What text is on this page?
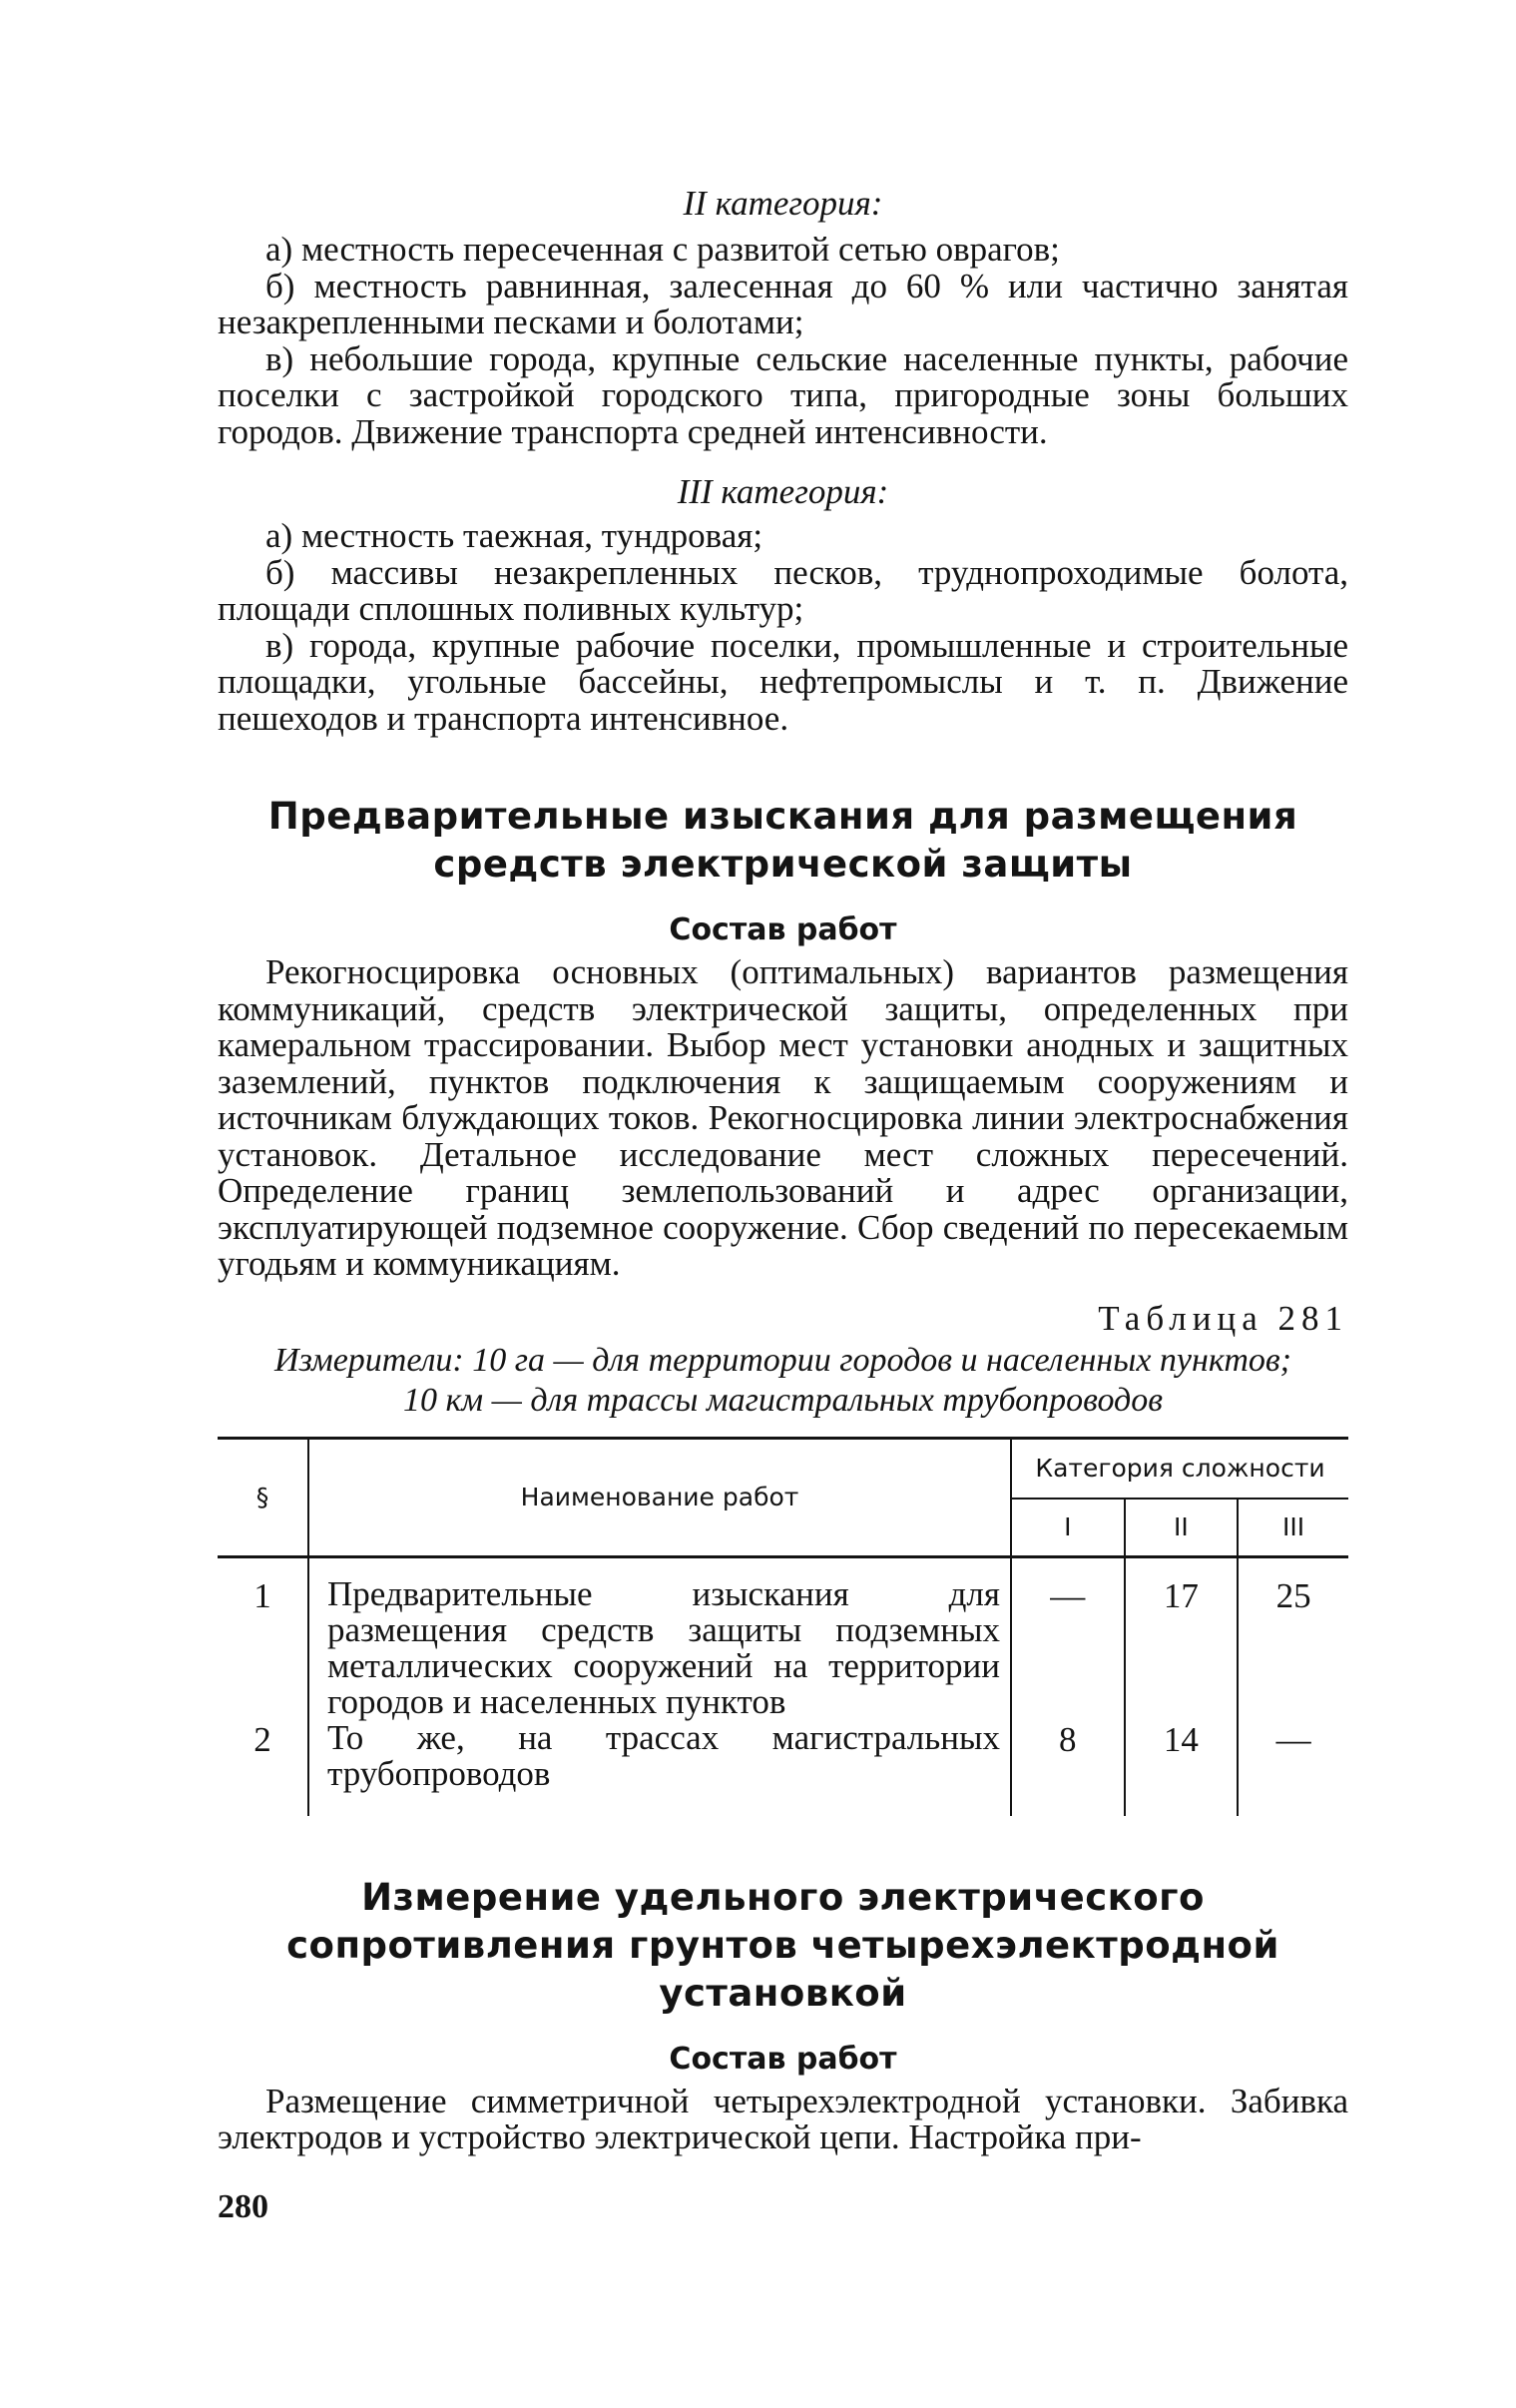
II категория:

а) местность пересеченная с развитой сетью оврагов;

б) местность равнинная, залесенная до 60 % или частично занятая незакрепленными песками и болотами;

в) небольшие города, крупные сельские населенные пункты, рабочие поселки с застройкой городского типа, пригородные зоны больших городов. Движение транспорта средней интенсивности.

III категория:

а) местность таежная, тундровая;

б) массивы незакрепленных песков, труднопроходимые болота, площади сплошных поливных культур;

в) города, крупные рабочие поселки, промышленные и строительные площадки, угольные бассейны, нефтепромыслы и т. п. Движение пешеходов и транспорта интенсивное.

Предварительные изыскания для размещения средств электрической защиты

Состав работ

Рекогносцировка основных (оптимальных) вариантов размещения коммуникаций, средств электрической защиты, определенных при камеральном трассировании. Выбор мест установки анодных и защитных заземлений, пунктов подключения к защищаемым сооружениям и источникам блуждающих токов. Рекогносцировка линии электроснабжения установок. Детальное исследование мест сложных пересечений. Определение границ землепользований и адрес организации, эксплуатирующей подземное сооружение. Сбор сведений по пересекаемым угодьям и коммуникациям.

Таблица 281

Измерители: 10 га — для территории городов и населенных пунктов;

10 км — для трассы магистральных трубопроводов

§	Наименование работ	Категория сложности		
		I	II	III
1	Предварительные изыскания для размещения средств защиты подземных металлических сооружений на территории городов и населенных пунктов	—	17	25
2	То же, на трассах магистральных трубопроводов	8	14	—
Измерение удельного электрического сопротивления грунтов четырехэлектродной установкой

Состав работ

Размещение симметричной четырехэлектродной установки. Забивка электродов и устройство электрической цепи. Настройка при-

280
